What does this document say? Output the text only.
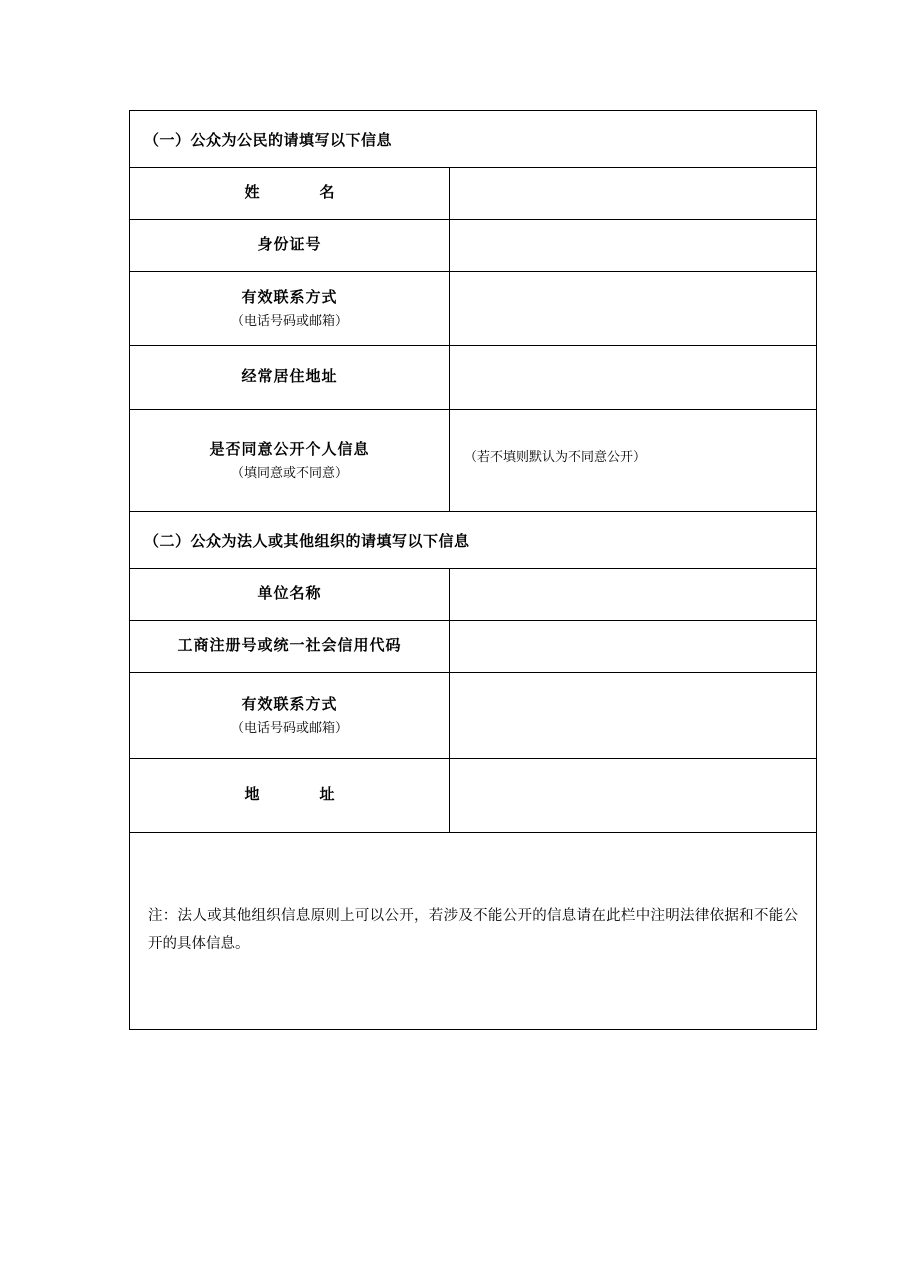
（一）公众为公民的请填写以下信息	

姓　　名	

身份证号	

有效联系方式
（电话号码或邮箱）	

经常居住地址	

是否同意公开个人信息
（填同意或不同意）	（若不填则默认为不同意公开）

（二）公众为法人或其他组织的请填写以下信息	

单位名称	

工商注册号或统一社会信用代码	

有效联系方式
（电话号码或邮箱）	

地　　址	

注：法人或其他组织信息原则上可以公开，若涉及不能公开的信息请在此栏中注明法律依据和不能公开的具体信息。	
